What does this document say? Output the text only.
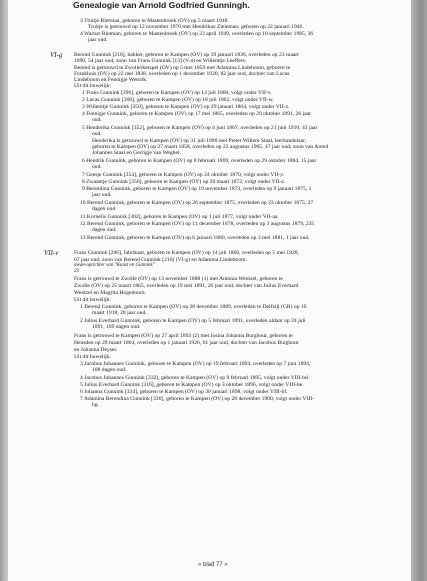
Genealogie van Arnold Godfried Gunningh.
3 Truitje Rietman, geboren te Mastenbroek (OV) op 5 maart 1948.
Truitje is getrouwd op 12 november 1970 met Hendrikus Zieleman, geboren op 22 januari 1946.
4 Warnar Rietman, geboren te Mastenbroek (OV) op 23 april 1949, overleden op 18 september 1985, 36
jaar oud.
VI-g Berend Gunnink [216], bakker, geboren te Kampen (OV) op 19 januari 1836, overleden op 23 maart
1890, 54 jaar oud, zoon van Frans Gunnink [13] (V-a) en Willemtje Leeffers.
Berend is getrouwd te Zwollerkerspel (OV) op 5 mei 1859 met Adamina Lindeboom, geboren te
Frankhuis (OV) op 22 mei 1838, overleden op 1 december 1920, 82 jaar oud, dochter van Lucas
Lindeboom en Fennigje Westrik.
Uit dit huwelijk:
1 Frans Gunnink [296], geboren te Kampen (OV) op 14 juli 1860, volgt onder VII-v.
2 Lucas Gunnink [300], geboren te Kampen (OV) op 18 juli 1862, volgt onder VII-w.
3 Willemtje Gunnink [350], geboren te Kampen (OV) op 29 januari 1864, volgt onder VII-x.
4 Fennigje Gunnink, geboren te Kampen (OV) op 17 mei 1865, overleden op 29 oktober 1891, 26 jaar
oud.
5 Henderika Gunnink [352], geboren te Kampen (OV) op 4 juni 1867, overleden op 21 juni 1910, 43 jaar
oud.
Henderika is getrouwd te Kampen (OV) op 31 juli 1890 met Pieter Willem Staal, leerhandelaar,
geboren te Kampen (OV) op 27 maart 1858, overleden op 22 augustus 1905, 47 jaar oud, zoon van Arend
Johannes Staal en Gerrigje van Weghel.
6 Hendrik Gunnink, geboren te Kampen (OV) op 8 februari 1869, overleden op 29 oktober 1884, 15 jaar
oud.
7 Geesje Gunnink [354], geboren te Kampen (OV) op 24 oktober 1870, volgt onder VII-y.
8 Zwaantje Gunnink [356], geboren te Kampen (OV) op 20 maart 1872, volgt onder VII-z.
9 Berendina Gunnink, geboren te Kampen (OV) op 19 november 1873, overleden op 9 januari 1875, 1
jaar oud.
10 Berend Gunnink, geboren te Kampen (OV) op 26 september 1875, overleden op 23 oktober 1875, 27
dagen oud.
11 Kornelis Gunnink [302], geboren te Kampen (OV) op 1 juli 1877, volgt onder VII-aa.
12 Berend Gunnink, geboren te Kampen (OV) op 11 december 1878, overleden op 3 augustus 1879, 235
dagen oud.
13 Berend Gunnink, geboren te Kampen (OV) op 6 januari 1880, overleden op 3 mei 1881, 1 jaar oud.
VII-v	Frans Gunnink [296], fabrikant, geboren te Kampen (OV) op 14 juli 1860, overleden op 5 mei 1928,
67 jaar oud, zoon van Berend Gunnink [216] (VI-g) en Adamina Lindeboom.
mede-oprichter van "Kunst en Gunnink"
23
Frans is getrouwd te Zwolle (OV) op 13 november 1888 (1) met Antonia Wentzel, geboren te
Zwolle (OV) op 25 maart 1865, overleden op 19 mei 1891, 26 jaar oud, dochter van Julius Everhard
Wentzel en Magrita Hogedoorn.
Uit dit huwelijk:
1 Berend Gunnink, geboren te Kampen (OV) op 28 december 1889, overleden te Delfzijl (GR) op 10
maart 1918, 28 jaar oud.
2 Julius Everhard Gunnink, geboren te Kampen (OV) op 5 februari 1891, overleden aldaar op 24 juli
1891, 169 dagen oud.
Frans is getrouwd te Kampen (OV) op 27 april 1893 (2) met Josina Johanna Burghout, geboren te
Heusden op 29 maart 1864, overleden op 1 januari 1926, 61 jaar oud, dochter van Jacobus Burghout
en Johanna Deyser.
Uit dit huwelijk:
3 Jacobus Johannes Gunnink, geboren te Kampen (OV) op 19 februari 1894, overleden op 7 juni 1894,
108 dagen oud.
4 Jacobus Johannes Gunnink [332], geboren te Kampen (OV) op 9 februari 1895, volgt onder VIII-bd.
5 Julius Everhard Gunnink [316], geboren te Kampen (OV) op 3 oktober 1896, volgt onder VIII-be.
6 Johanna Gunnink [334], geboren te Kampen (OV) op 30 januari 1898, volgt onder VIII-bf.
7 Adamina Berendina Gunnink [336], geboren te Kampen (OV) op 28 december 1900, volgt onder VIII-
bg.
« blad 77 »
